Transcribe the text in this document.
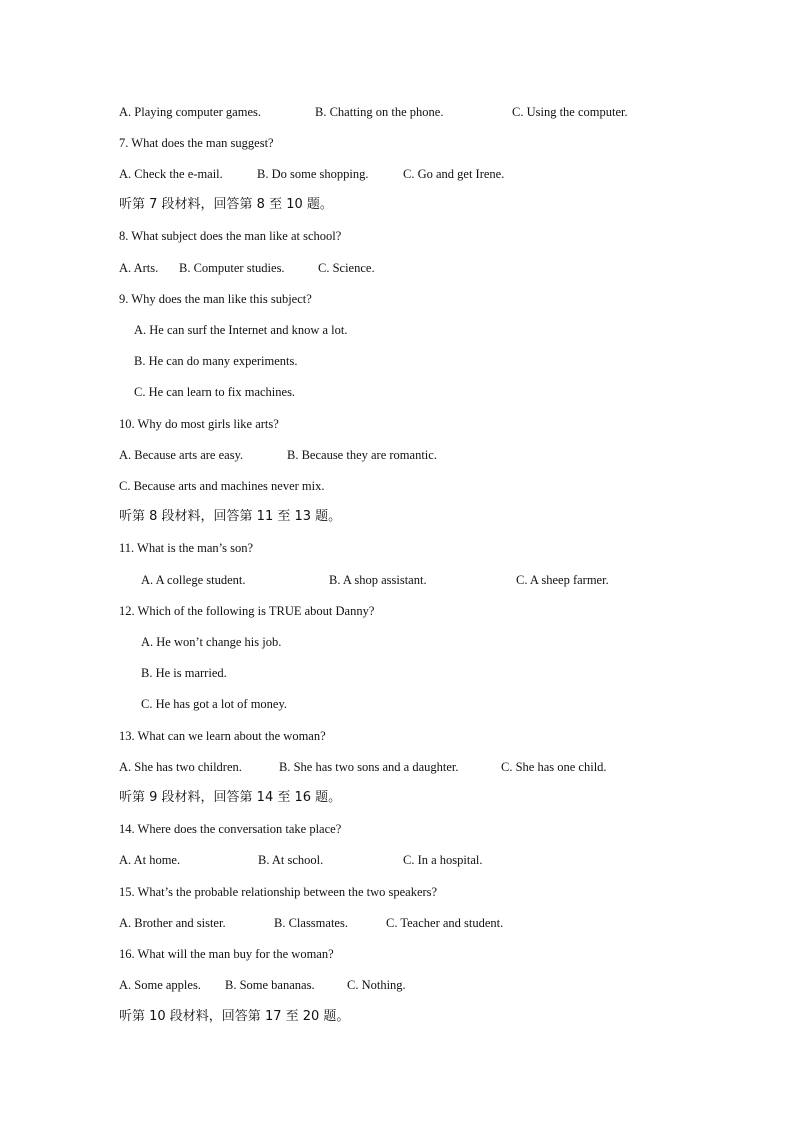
A. Playing computer games.	B. Chatting on the phone.	C. Using the computer.
7. What does the man suggest?
A. Check the e-mail.	B. Do some shopping.	C. Go and get Irene.
听第 7 段材料，回答第 8 至 10 题。
8. What subject does the man like at school?
A. Arts. B. Computer studies.	C. Science.
9. Why does the man like this subject?
A. He can surf the Internet and know a lot.
B. He can do many experiments.
C. He can learn to fix machines.
10. Why do most girls like arts?
A. Because arts are easy.	B. Because they are romantic.
C. Because arts and machines never mix.
听第 8 段材料，回答第 11 至 13 题。
11. What is the man’s son?
A. A college student.	B. A shop assistant.	C. A sheep farmer.
12. Which of the following is TRUE about Danny?
A. He won’t change his job.
B. He is married.
C. He has got a lot of money.
13. What can we learn about the woman?
A. She has two children.	B. She has two sons and a daughter.	C. She has one child.
听第 9 段材料，回答第 14 至 16 题。
14. Where does the conversation take place?
A. At home.	B. At school.	C. In a hospital.
15. What’s the probable relationship between the two speakers?
A. Brother and sister.	B. Classmates.	C. Teacher and student.
16. What will the man buy for the woman?
A. Some apples. B. Some bananas.	C. Nothing.
听第 10 段材料，回答第 17 至 20 题。
